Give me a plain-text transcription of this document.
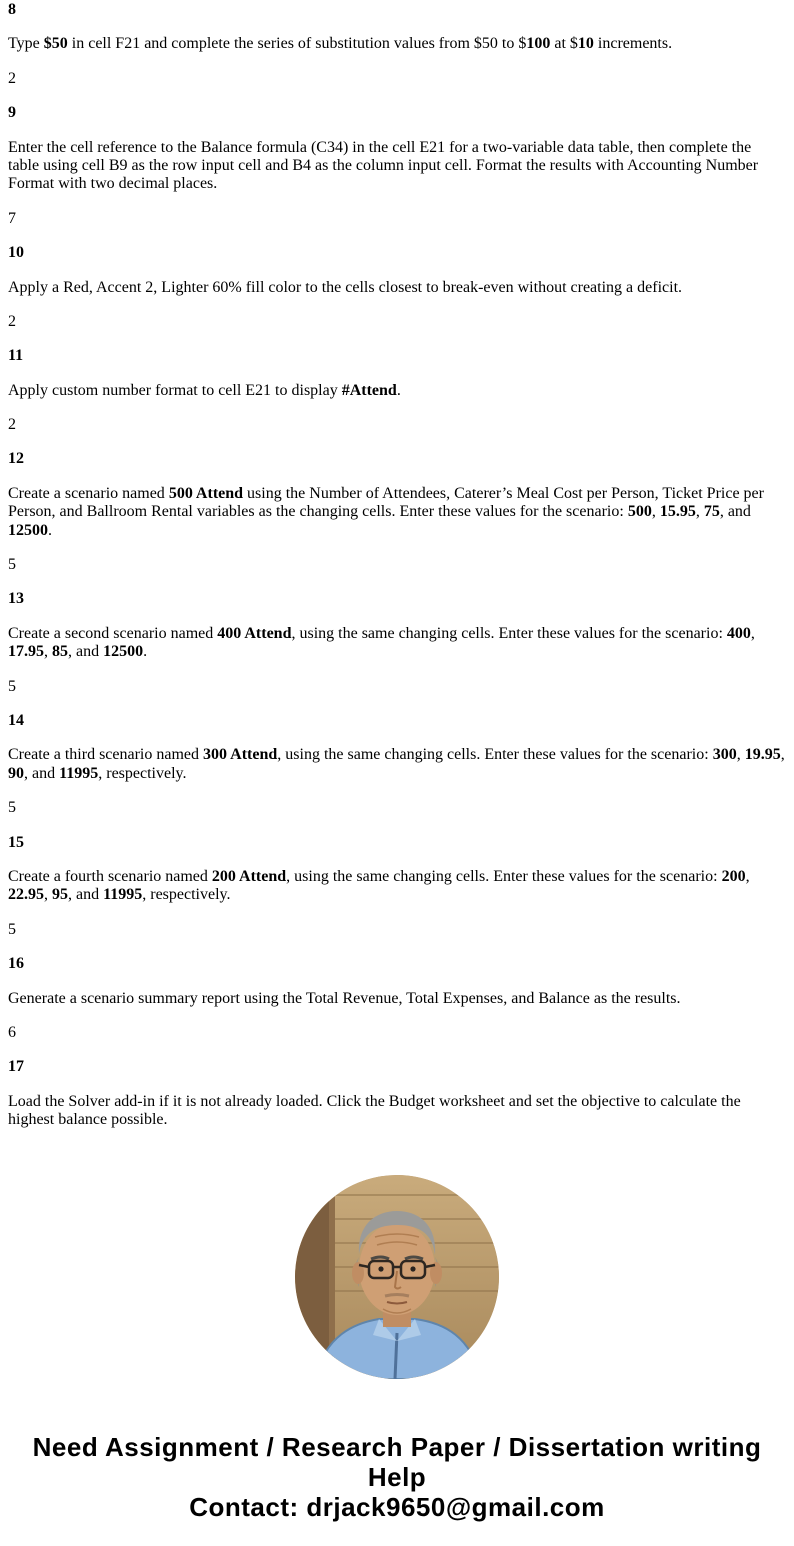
8

Type $50 in cell F21 and complete the series of substitution values from $50 to $100 at $10 increments.

2

9

Enter the cell reference to the Balance formula (C34) in the cell E21 for a two-variable data table, then complete the table using cell B9 as the row input cell and B4 as the column input cell. Format the results with Accounting Number Format with two decimal places.

7

10

Apply a Red, Accent 2, Lighter 60% fill color to the cells closest to break-even without creating a deficit.

2

11

Apply custom number format to cell E21 to display #Attend.

2

12

Create a scenario named 500 Attend using the Number of Attendees, Caterer’s Meal Cost per Person, Ticket Price per Person, and Ballroom Rental variables as the changing cells. Enter these values for the scenario: 500, 15.95, 75, and 12500.

5

13

Create a second scenario named 400 Attend, using the same changing cells. Enter these values for the scenario: 400, 17.95, 85, and 12500.

5

14

Create a third scenario named 300 Attend, using the same changing cells. Enter these values for the scenario: 300, 19.95, 90, and 11995, respectively.

5

15

Create a fourth scenario named 200 Attend, using the same changing cells. Enter these values for the scenario: 200, 22.95, 95, and 11995, respectively.

5

16

Generate a scenario summary report using the Total Revenue, Total Expenses, and Balance as the results.

6

17

Load the Solver add-in if it is not already loaded. Click the Budget worksheet and set the objective to calculate the highest balance possible.

Need Assignment / Research Paper / Dissertation writing Help
Contact: drjack9650@gmail.com
